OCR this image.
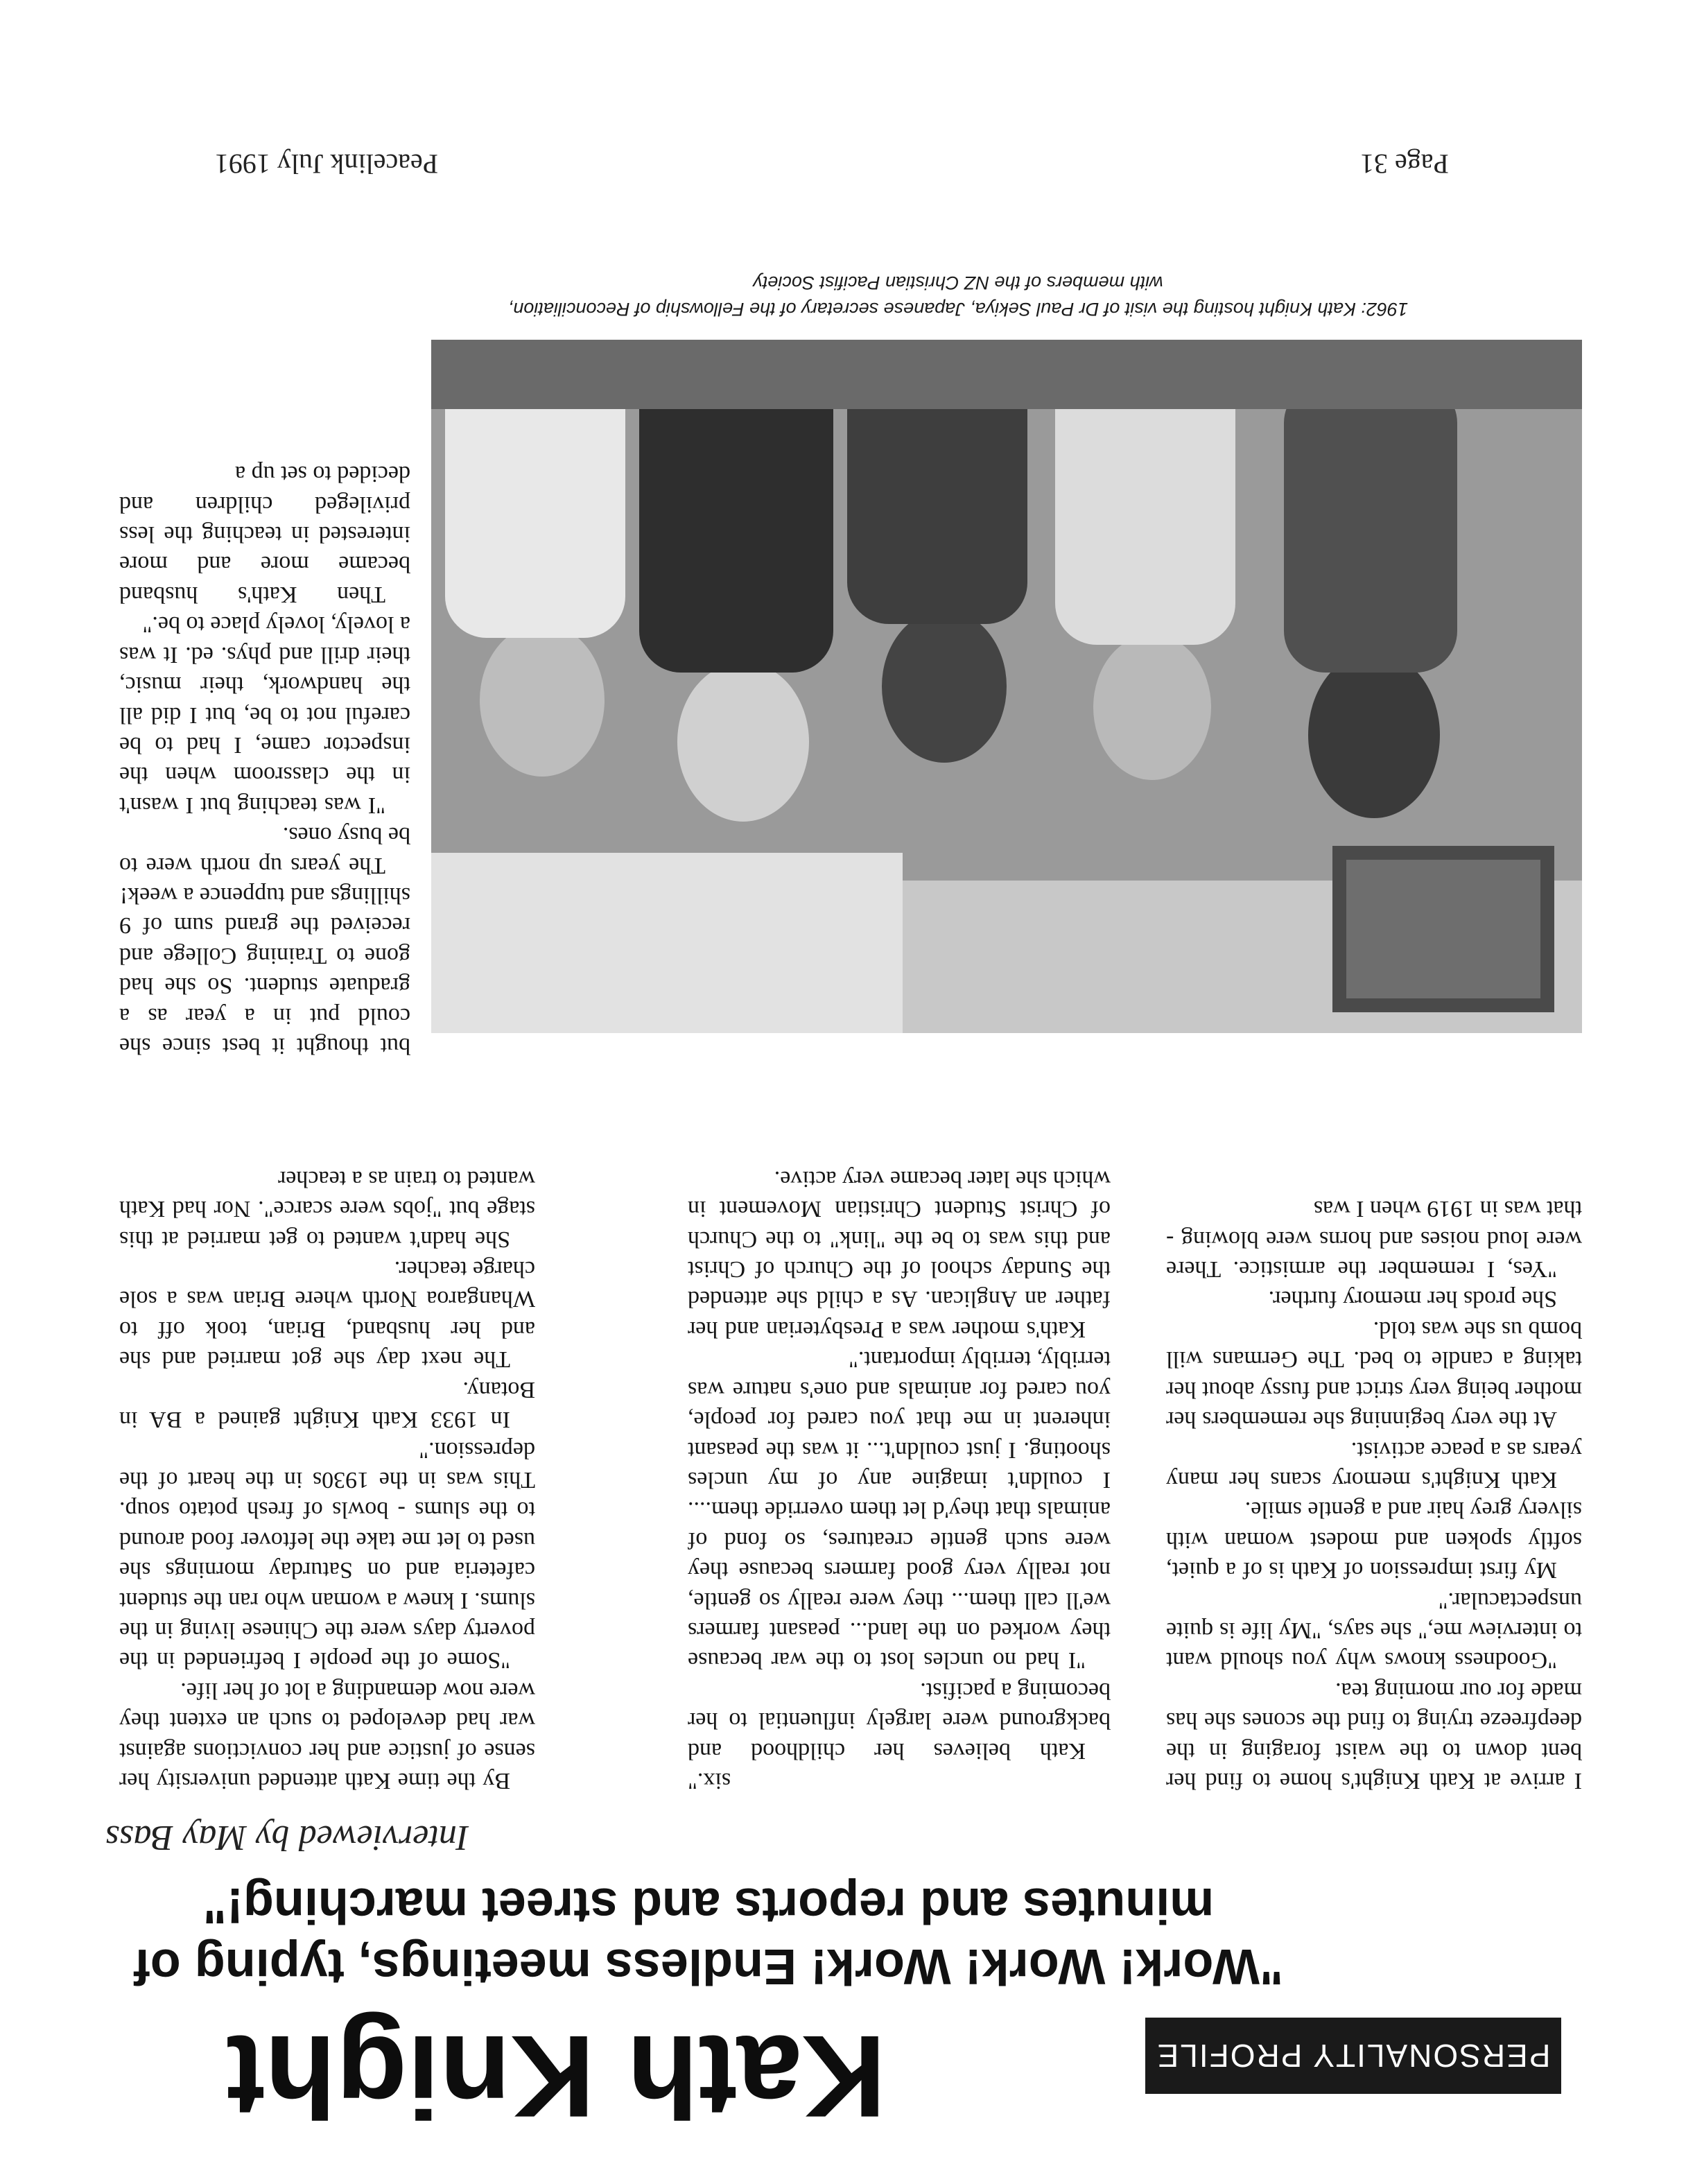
PERSONALITY PROFILE
Kath Knight
"Work! Work! Work! Endless meetings, typing of minutes and reports and street marching!"
Interviewed by May Bass

I arrive at Kath Knight's home to find her bent down to the waist foraging in the deepfreeze trying to find the scones she has made for our morning tea.

"Goodness knows why you should want to interview me," she says, "My life is quite unspectacular."

My first impression of Kath is of a quiet, softly spoken and modest woman with silvery grey hair and a gentle smile.

Kath Knight's memory scans her many years as a peace activist.

At the very beginning she remembers her mother being very strict and fussy about her taking a candle to bed. The Germans will bomb us she was told.

She prods her memory further.

"Yes, I remember the armistice. There were loud noises and horns were blowing - that was in 1919 when I was

six."

Kath believes her childhood and background were largely influential to her becoming a pacifist.

"I had no uncles lost to the war because they worked on the land... peasant farmers we'll call them... they were really so gentle, not really very good farmers because they were such gentle creatures, so fond of animals that they'd let them override them.... I couldn't imagine any of my uncles shooting. I just couldn't... it was the peasant inherent in me that you cared for people, you cared for animals and one's nature was terribly, terribly important."

Kath's mother was a Presbyterian and her father an Anglican. As a child she attended the Sunday school of the Church of Christ and this was to be the "link" to the Church of Christ Student Christian Movement in which she later became very active.

By the time Kath attended university her sense of justice and her convictions against war had developed to such an extent they were now demanding a lot of her life.

"Some of the people I befriended in the poverty days were the Chinese living in the slums. I knew a woman who ran the student cafeteria and on Saturday mornings she used to let me take the leftover food around to the slums - bowls of fresh potato soup. This was in the 1930s in the heart of the depression."

In 1933 Kath Knight gained a BA in Botany.

The next day she got married and she and her husband, Brian, took off to Whangaroa North where Brian was a sole charge teacher.

She hadn't wanted to get married at this stage but "jobs were scarce". Nor had Kath wanted to train as a teacher

but thought it best since she could put in a year as a graduate student. So she had gone to Training College and received the grand sum of 9 shillings and tuppence a week!

The years up north were to be busy ones.

"I was teaching but I wasn't in the classroom when the inspector came, I had to be careful not to be, but I did all the handwork, their music, their drill and phys. ed. It was a lovely, lovely place to be."

Then Kath's husband became more and more interested in teaching the less privileged children and decided to set up a

1962: Kath Knight hosting the visit of Dr Paul Sekiya, Japanese secretary of the Fellowship of Reconciliation,
with members of the NZ Christian Pacifist Society
Peacelink July 1991	Page 31
